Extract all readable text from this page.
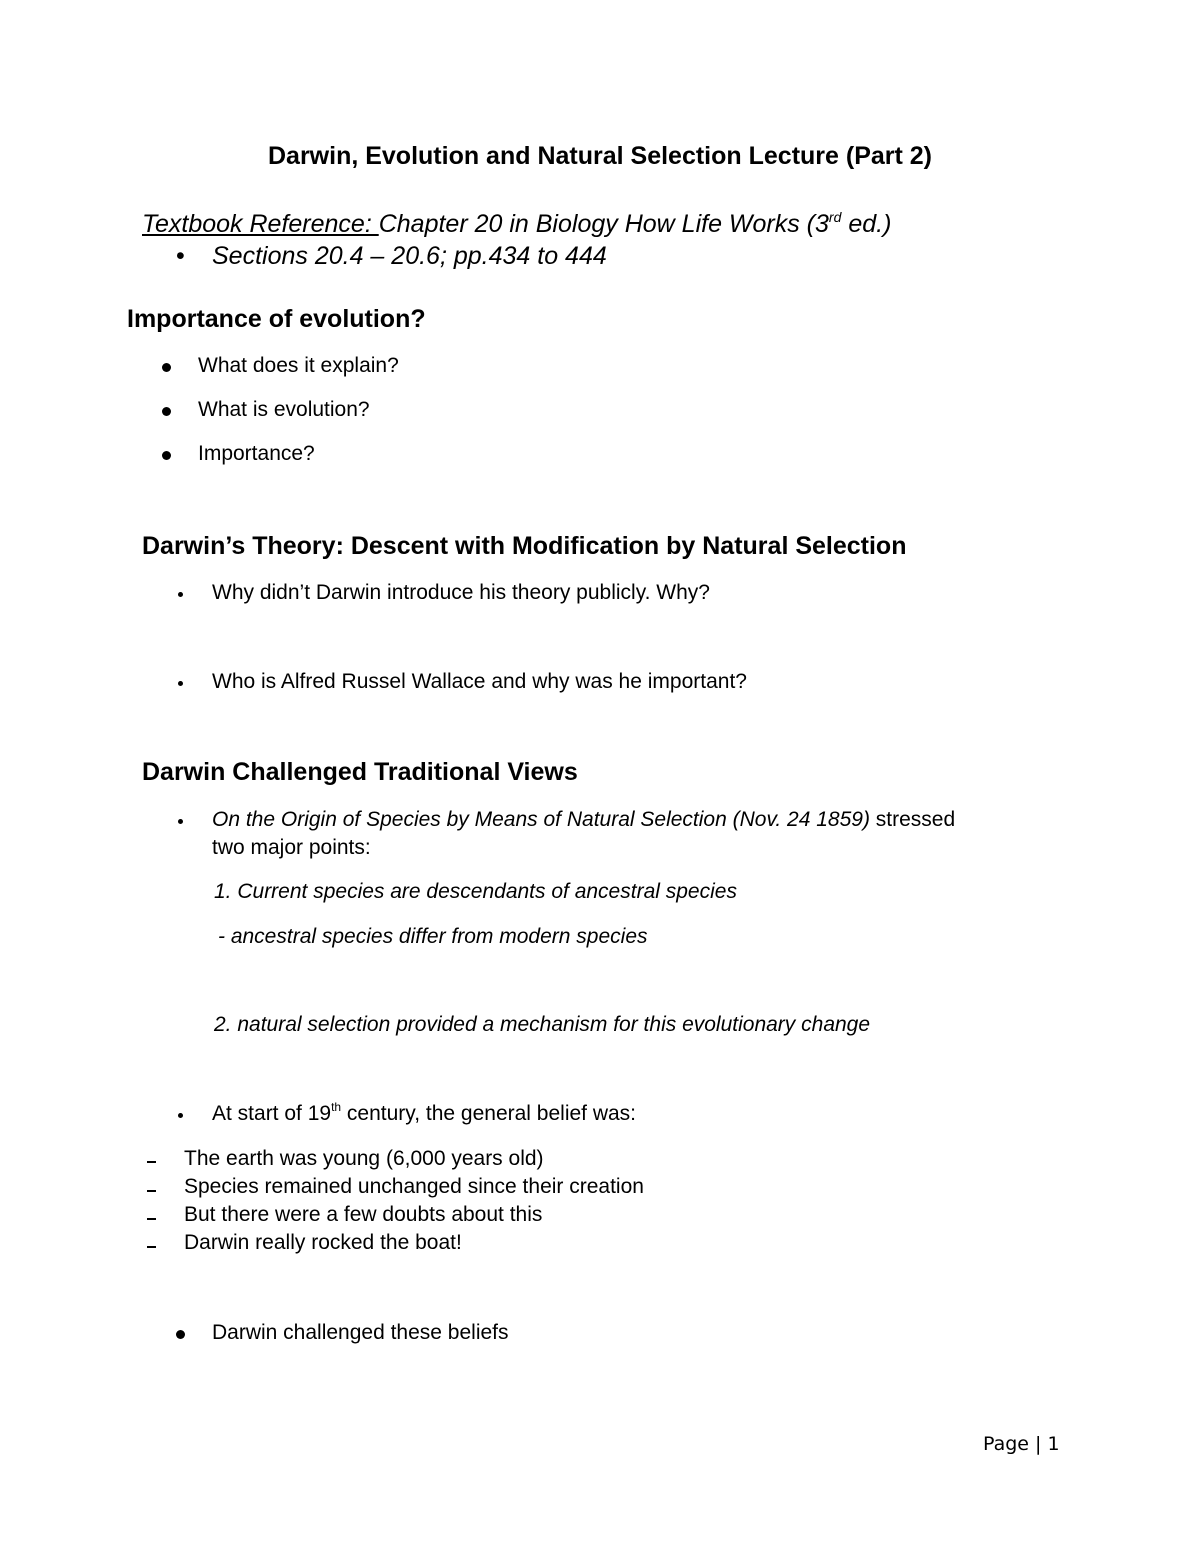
Darwin, Evolution and Natural Selection Lecture (Part 2)
Textbook Reference: Chapter 20 in Biology How Life Works (3rd ed.)
• Sections 20.4 – 20.6; pp.434 to 444
Importance of evolution?
What does it explain?
What is evolution?
Importance?
Darwin’s Theory: Descent with Modification by Natural Selection
Why didn’t Darwin introduce his theory publicly. Why?
Who is Alfred Russel Wallace and why was he important?
Darwin Challenged Traditional Views
On the Origin of Species by Means of Natural Selection (Nov. 24 1859) stressed
two major points:
1. Current species are descendants of ancestral species
- ancestral species differ from modern species
2. natural selection provided a mechanism for this evolutionary change
At start of 19th century, the general belief was:
The earth was young (6,000 years old)
Species remained unchanged since their creation
But there were a few doubts about this
Darwin really rocked the boat!
Darwin challenged these beliefs
Page | 1
